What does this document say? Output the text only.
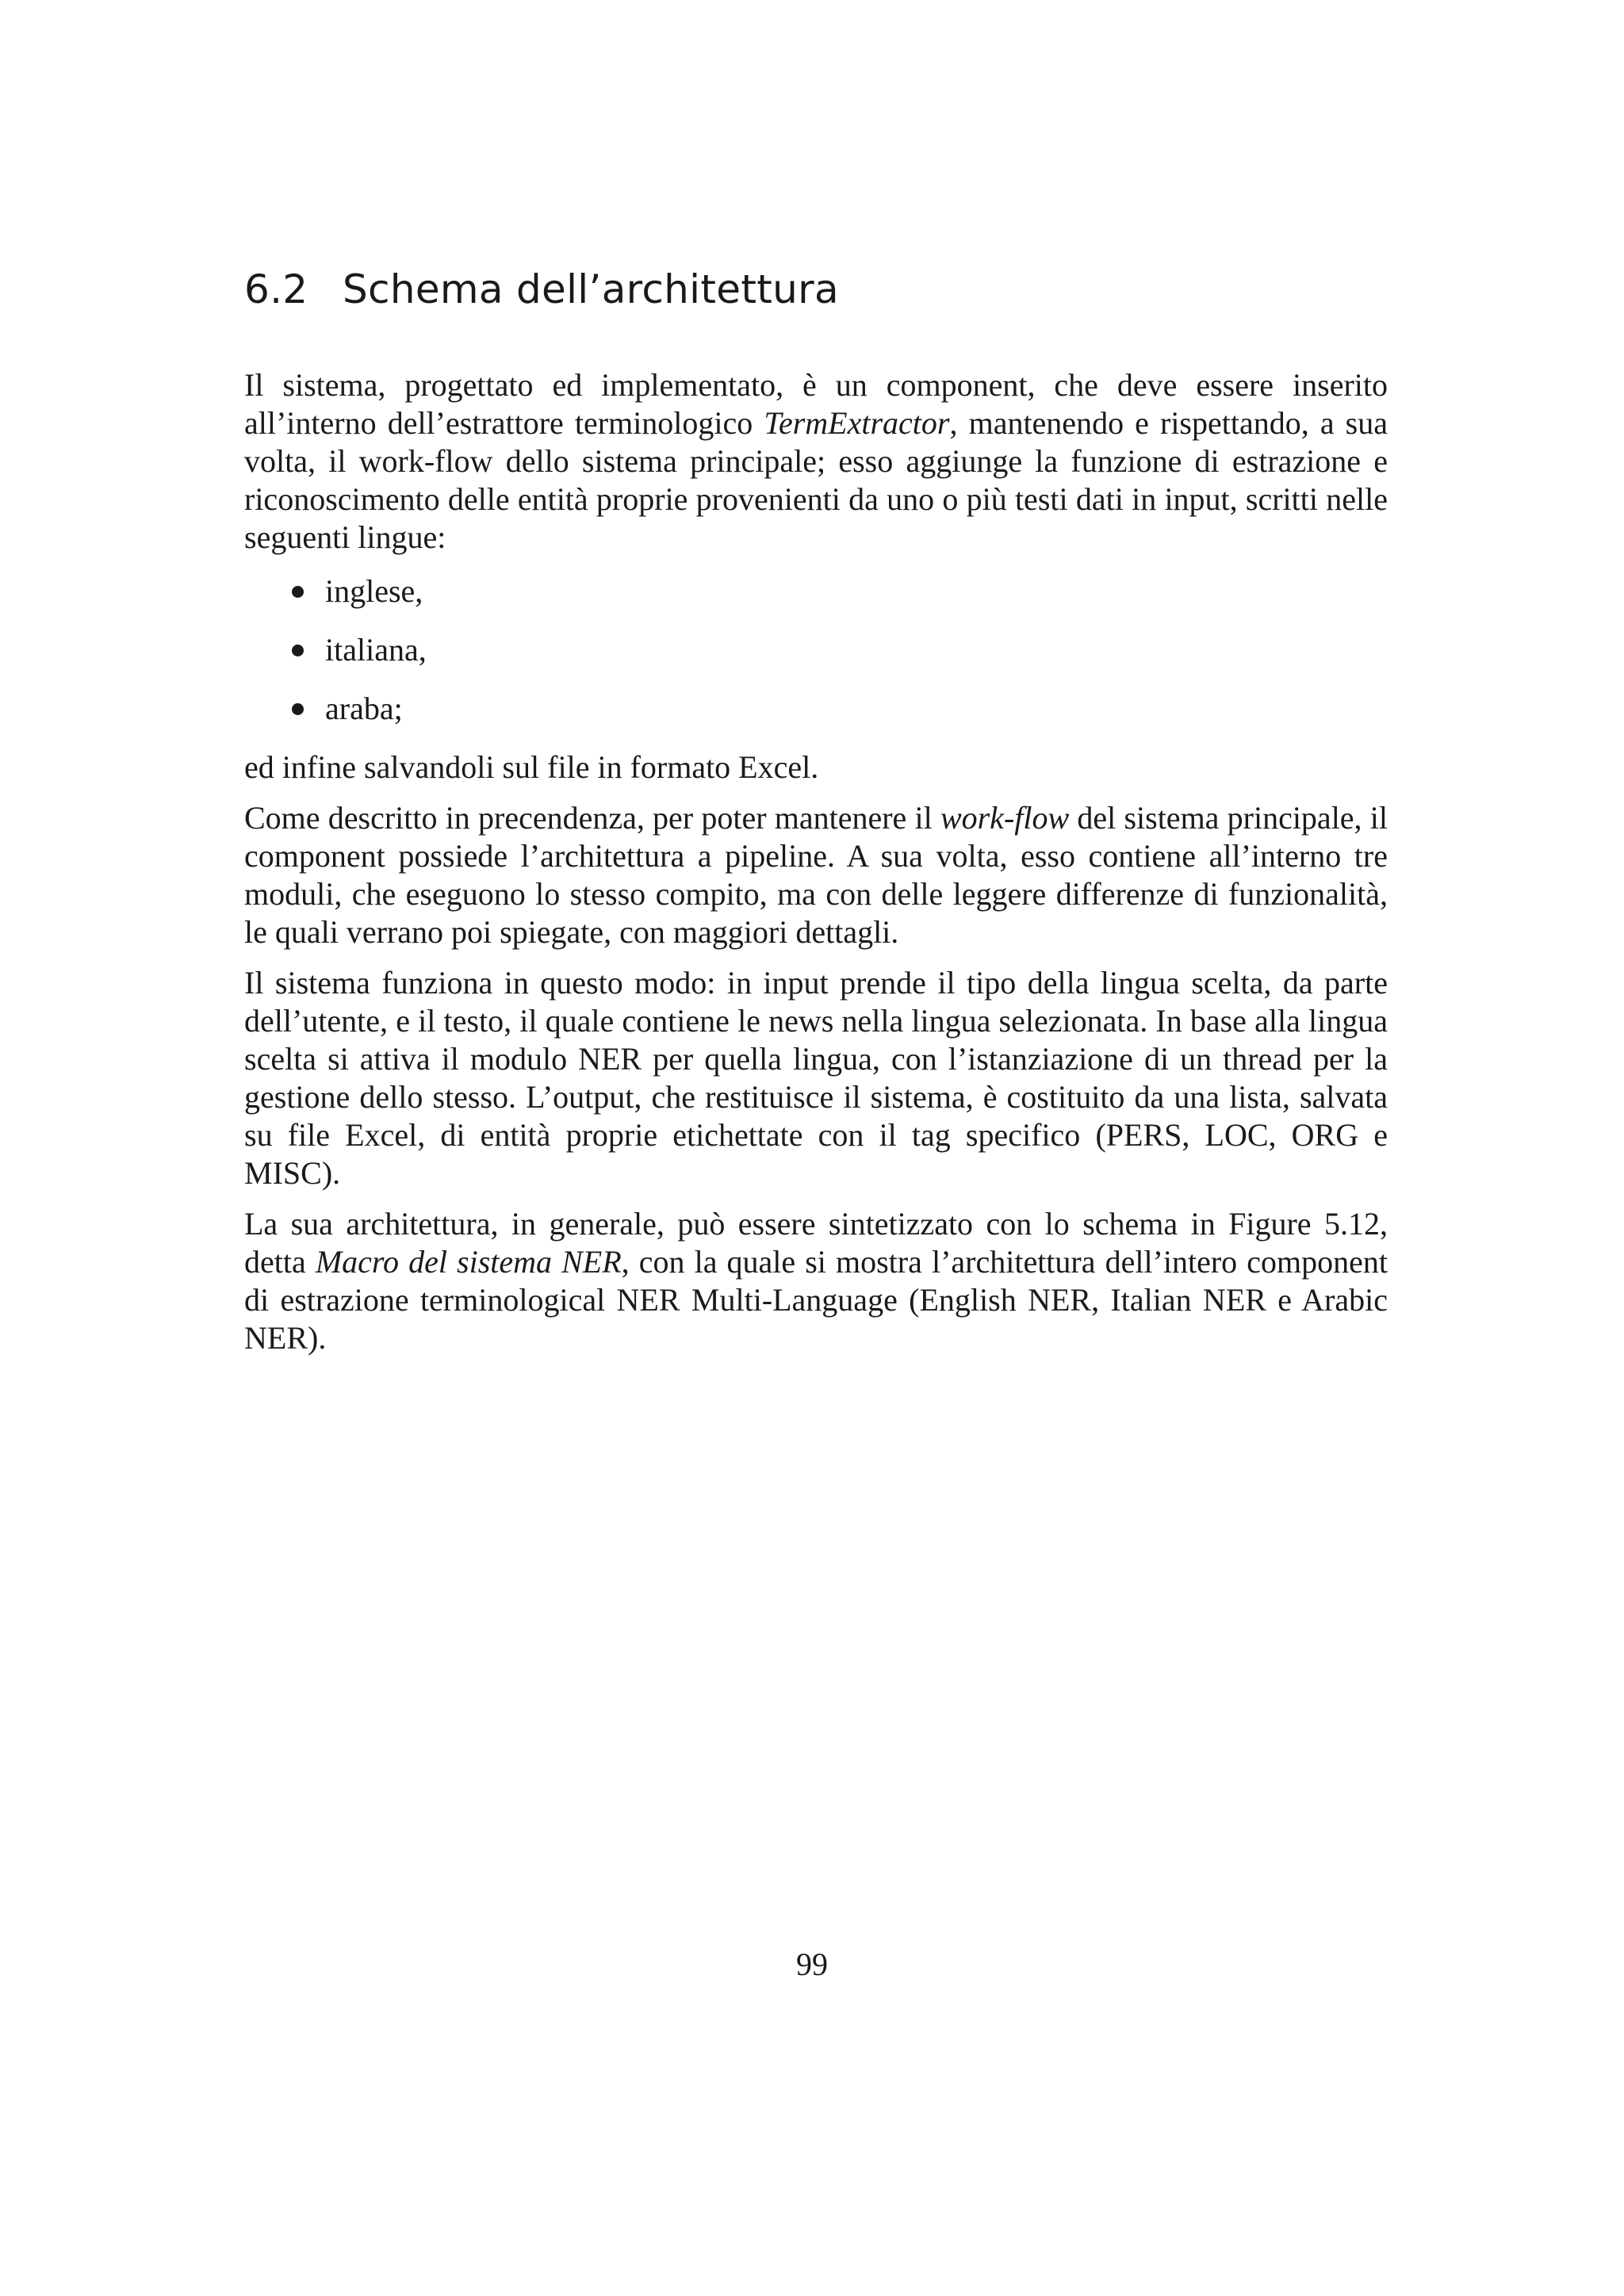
6.2 Schema dell’architettura

Il sistema, progettato ed implementato, è un component, che deve essere inserito all’interno dell’estrattore terminologico TermExtractor, mantenendo e rispettando, a sua volta, il work-flow dello sistema principale; esso aggiunge la funzione di estrazione e riconoscimento delle entità proprie provenienti da uno o più testi dati in input, scritti nelle seguenti lingue:

inglese,
italiana,
araba;

ed infine salvandoli sul file in formato Excel.

Come descritto in precendenza, per poter mantenere il work-flow del sistema principale, il component possiede l’architettura a pipeline. A sua volta, esso contiene all’interno tre moduli, che eseguono lo stesso compito, ma con delle leggere differenze di funzionalità, le quali verrano poi spiegate, con maggiori dettagli.

Il sistema funziona in questo modo: in input prende il tipo della lingua scelta, da parte dell’utente, e il testo, il quale contiene le news nella lingua selezionata. In base alla lingua scelta si attiva il modulo NER per quella lingua, con l’istanziazione di un thread per la gestione dello stesso. L’output, che restituisce il sistema, è costituito da una lista, salvata su file Excel, di entità proprie etichettate con il tag specifico (PERS, LOC, ORG e MISC).

La sua architettura, in generale, può essere sintetizzato con lo schema in Figure 5.12, detta Macro del sistema NER, con la quale si mostra l’architettura dell’intero component di estrazione terminological NER Multi-Language (English NER, Italian NER e Arabic NER).

99
